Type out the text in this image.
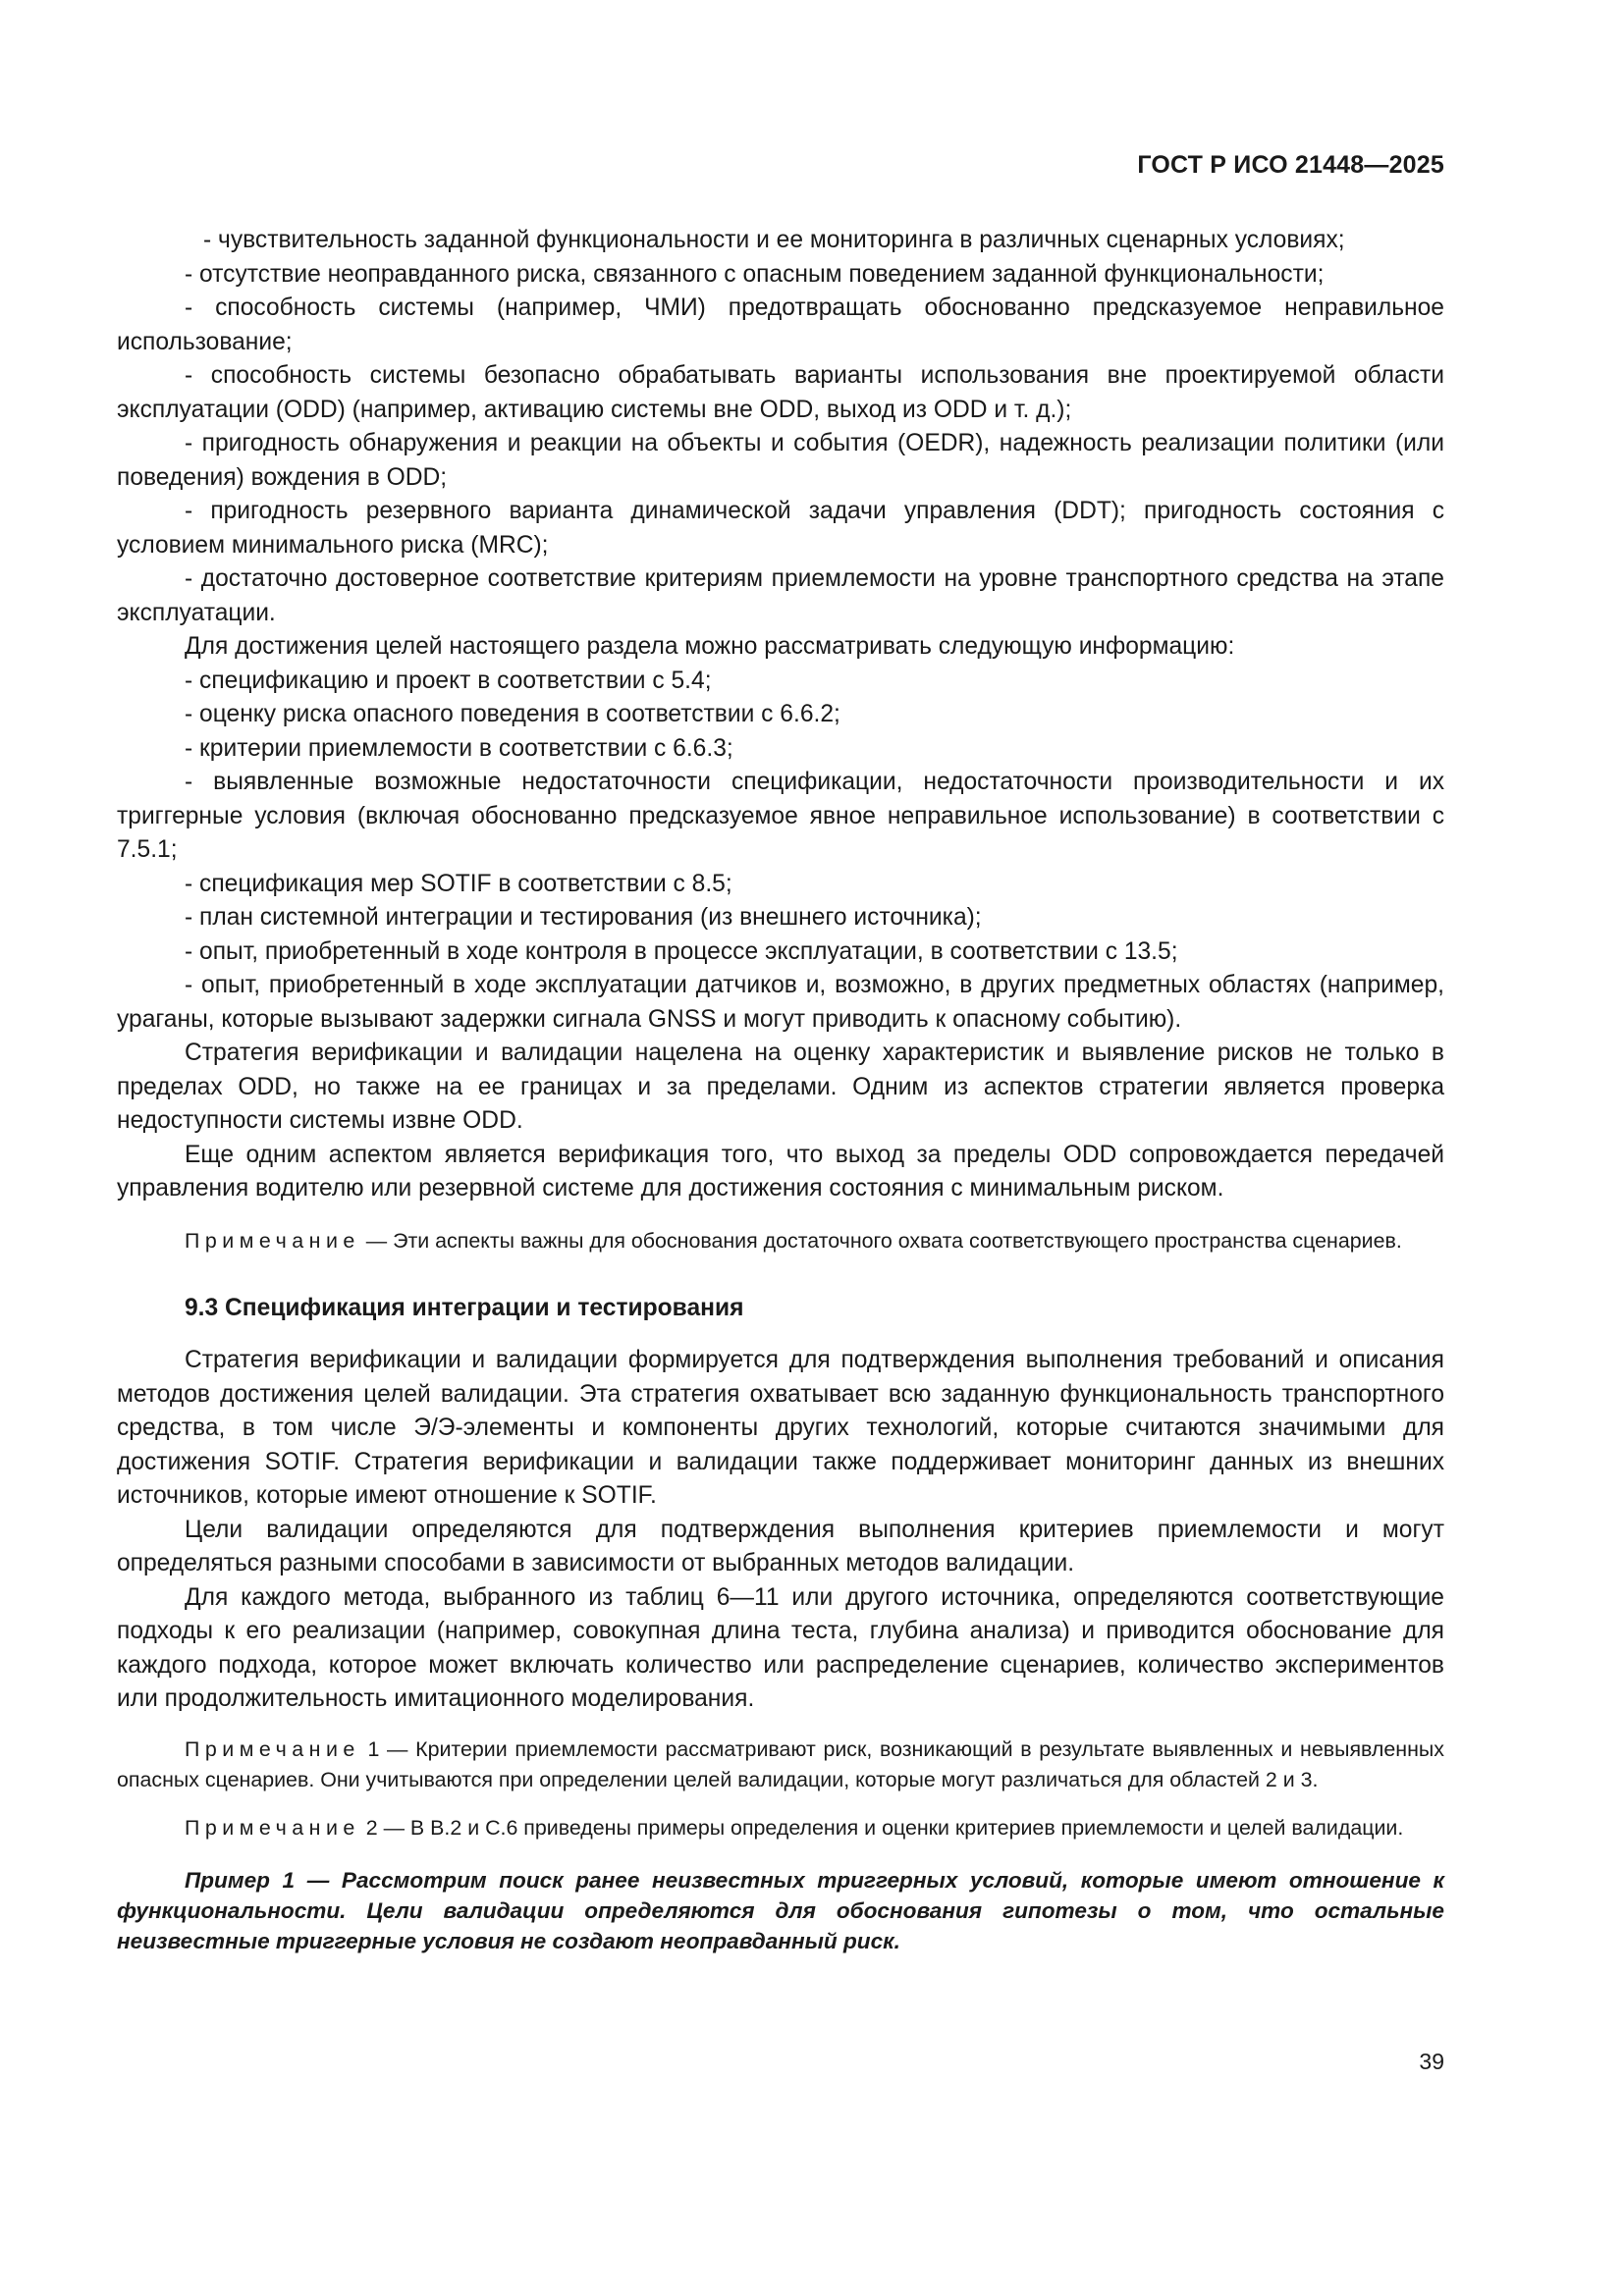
ГОСТ Р ИСО 21448—2025

- чувствительность заданной функциональности и ее мониторинга в различных сценарных условиях;

- отсутствие неоправданного риска, связанного с опасным поведением заданной функциональности;

- способность системы (например, ЧМИ) предотвращать обоснованно предсказуемое неправильное использование;

- способность системы безопасно обрабатывать варианты использования вне проектируемой области эксплуатации (ODD) (например, активацию системы вне ODD, выход из ODD и т. д.);

- пригодность обнаружения и реакции на объекты и события (OEDR), надежность реализации политики (или поведения) вождения в ODD;

- пригодность резервного варианта динамической задачи управления (DDT); пригодность состояния с условием минимального риска (MRC);

- достаточно достоверное соответствие критериям приемлемости на уровне транспортного средства на этапе эксплуатации.

Для достижения целей настоящего раздела можно рассматривать следующую информацию:

- спецификацию и проект в соответствии с 5.4;

- оценку риска опасного поведения в соответствии с 6.6.2;

- критерии приемлемости в соответствии с 6.6.3;

- выявленные возможные недостаточности спецификации, недостаточности производительности и их триггерные условия (включая обоснованно предсказуемое явное неправильное использование) в соответствии с 7.5.1;

- спецификация мер SOTIF в соответствии с 8.5;

- план системной интеграции и тестирования (из внешнего источника);

- опыт, приобретенный в ходе контроля в процессе эксплуатации, в соответствии с 13.5;

- опыт, приобретенный в ходе эксплуатации датчиков и, возможно, в других предметных областях (например, ураганы, которые вызывают задержки сигнала GNSS и могут приводить к опасному событию).

Стратегия верификации и валидации нацелена на оценку характеристик и выявление рисков не только в пределах ODD, но также на ее границах и за пределами. Одним из аспектов стратегии является проверка недоступности системы извне ODD.

Еще одним аспектом является верификация того, что выход за пределы ODD сопровождается передачей управления водителю или резервной системе для достижения состояния с минимальным риском.

Примечание — Эти аспекты важны для обоснования достаточного охвата соответствующего пространства сценариев.

9.3 Спецификация интеграции и тестирования

Стратегия верификации и валидации формируется для подтверждения выполнения требований и описания методов достижения целей валидации. Эта стратегия охватывает всю заданную функциональность транспортного средства, в том числе Э/Э-элементы и компоненты других технологий, которые считаются значимыми для достижения SOTIF. Стратегия верификации и валидации также поддерживает мониторинг данных из внешних источников, которые имеют отношение к SOTIF.

Цели валидации определяются для подтверждения выполнения критериев приемлемости и могут определяться разными способами в зависимости от выбранных методов валидации.

Для каждого метода, выбранного из таблиц 6—11 или другого источника, определяются соответствующие подходы к его реализации (например, совокупная длина теста, глубина анализа) и приводится обоснование для каждого подхода, которое может включать количество или распределение сценариев, количество экспериментов или продолжительность имитационного моделирования.

Примечание 1 — Критерии приемлемости рассматривают риск, возникающий в результате выявленных и невыявленных опасных сценариев. Они учитываются при определении целей валидации, которые могут различаться для областей 2 и 3.

Примечание 2 — В В.2 и С.6 приведены примеры определения и оценки критериев приемлемости и целей валидации.

Пример 1 — Рассмотрим поиск ранее неизвестных триггерных условий, которые имеют отношение к функциональности. Цели валидации определяются для обоснования гипотезы о том, что остальные неизвестные триггерные условия не создают неоправданный риск.

39
